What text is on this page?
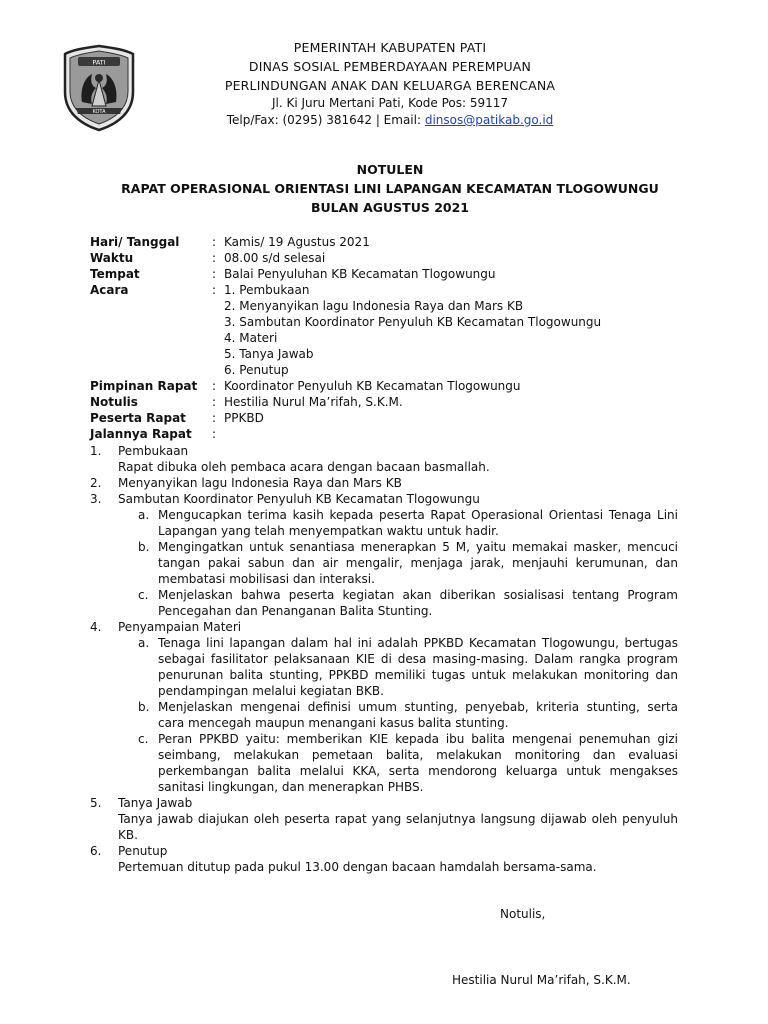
PATI
KOTA
PEMERINTAH KABUPATEN PATI
DINAS SOSIAL PEMBERDAYAAN PEREMPUAN
PERLINDUNGAN ANAK DAN KELUARGA BERENCANA
Jl. Ki Juru Mertani Pati, Kode Pos: 59117
Telp/Fax: (0295) 381642 | Email: dinsos@patikab.go.id
NOTULEN
RAPAT OPERASIONAL ORIENTASI LINI LAPANGAN KECAMATAN TLOGOWUNGU
BULAN AGUSTUS 2021
Hari/ Tanggal	: Kamis/ 19 Agustus 2021
Waktu	: 08.00 s/d selesai
Tempat	: Balai Penyuluhan KB Kecamatan Tlogowungu
Acara	: 1. Pembukaan
2. Menyanyikan lagu Indonesia Raya dan Mars KB
3. Sambutan Koordinator Penyuluh KB Kecamatan Tlogowungu
4. Materi
5. Tanya Jawab
6. Penutup
Pimpinan Rapat	: Koordinator Penyuluh KB Kecamatan Tlogowungu
Notulis	: Hestilia Nurul Ma’rifah, S.K.M.
Peserta Rapat	: PPKBD
Jalannya Rapat	:
1.	Pembukaan
Rapat dibuka oleh pembaca acara dengan bacaan basmallah.
2.	Menyanyikan lagu Indonesia Raya dan Mars KB
3.	Sambutan Koordinator Penyuluh KB Kecamatan Tlogowungu
a. Mengucapkan terima kasih kepada peserta Rapat Operasional Orientasi Tenaga Lini Lapangan yang telah menyempatkan waktu untuk hadir.
b. Mengingatkan untuk senantiasa menerapkan 5 M, yaitu memakai masker, mencuci tangan pakai sabun dan air mengalir, menjaga jarak, menjauhi kerumunan, dan membatasi mobilisasi dan interaksi.
c. Menjelaskan bahwa peserta kegiatan akan diberikan sosialisasi tentang Program Pencegahan dan Penanganan Balita Stunting.
4.	Penyampaian Materi
a. Tenaga lini lapangan dalam hal ini adalah PPKBD Kecamatan Tlogowungu, bertugas sebagai fasilitator pelaksanaan KIE di desa masing-masing. Dalam rangka program penurunan balita stunting, PPKBD memiliki tugas untuk melakukan monitoring dan pendampingan melalui kegiatan BKB.
b. Menjelaskan mengenai definisi umum stunting, penyebab, kriteria stunting, serta cara mencegah maupun menangani kasus balita stunting.
c. Peran PPKBD yaitu: memberikan KIE kepada ibu balita mengenai penemuhan gizi seimbang, melakukan pemetaan balita, melakukan monitoring dan evaluasi perkembangan balita melalui KKA, serta mendorong keluarga untuk mengakses sanitasi lingkungan, dan menerapkan PHBS.
5.	Tanya Jawab
Tanya jawab diajukan oleh peserta rapat yang selanjutnya langsung dijawab oleh penyuluh KB.
6.	Penutup
Pertemuan ditutup pada pukul 13.00 dengan bacaan hamdalah bersama-sama.
Notulis,
Hestilia Nurul Ma’rifah, S.K.M.
